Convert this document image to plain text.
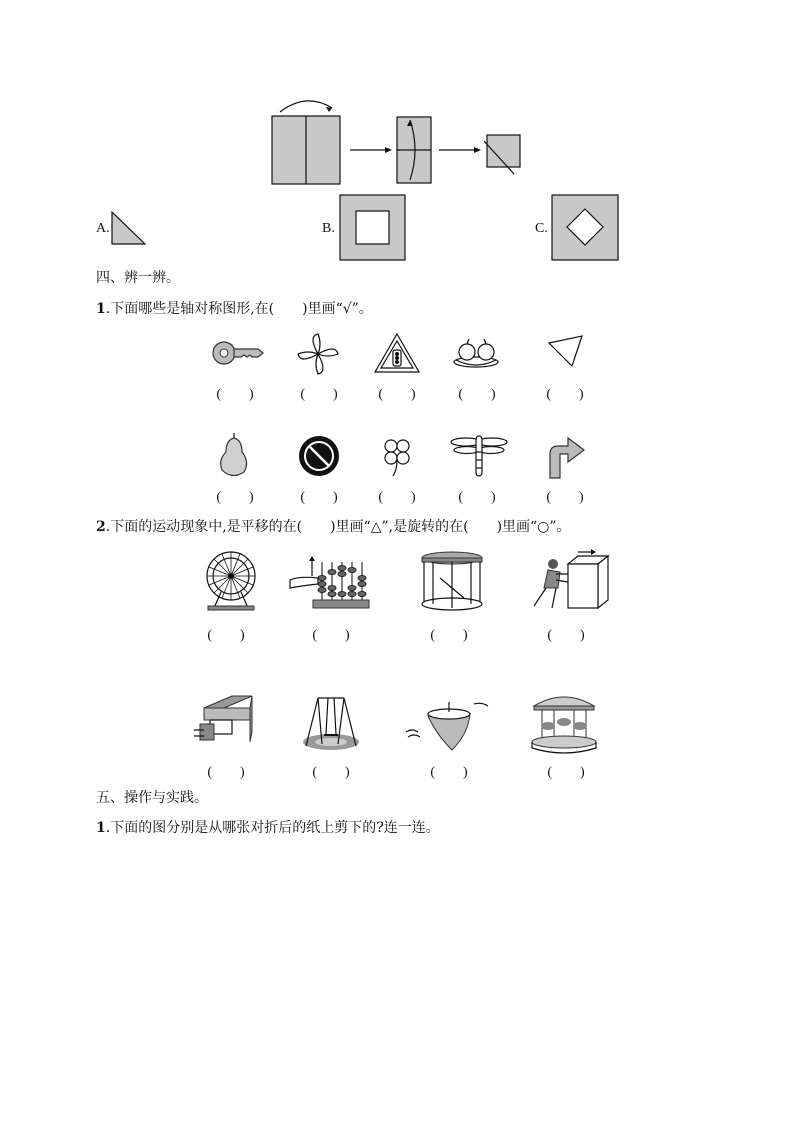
A.	B.	C.
四、辨一辨。
1.下面哪些是轴对称图形,在(　　)里画“√”。
(　　)	(　　)	(　　)	(　　)	(　　)
(　　)	(　　)	(　　)	(　　)	(　　)
2.下面的运动现象中,是平移的在(　　)里画“△”,是旋转的在(　　)里画“○”。
(　　)	(　　)	(　　)	(　　)
(　　)	(　　)	(　　)	(　　)
五、操作与实践。
1.下面的图分别是从哪张对折后的纸上剪下的?连一连。
